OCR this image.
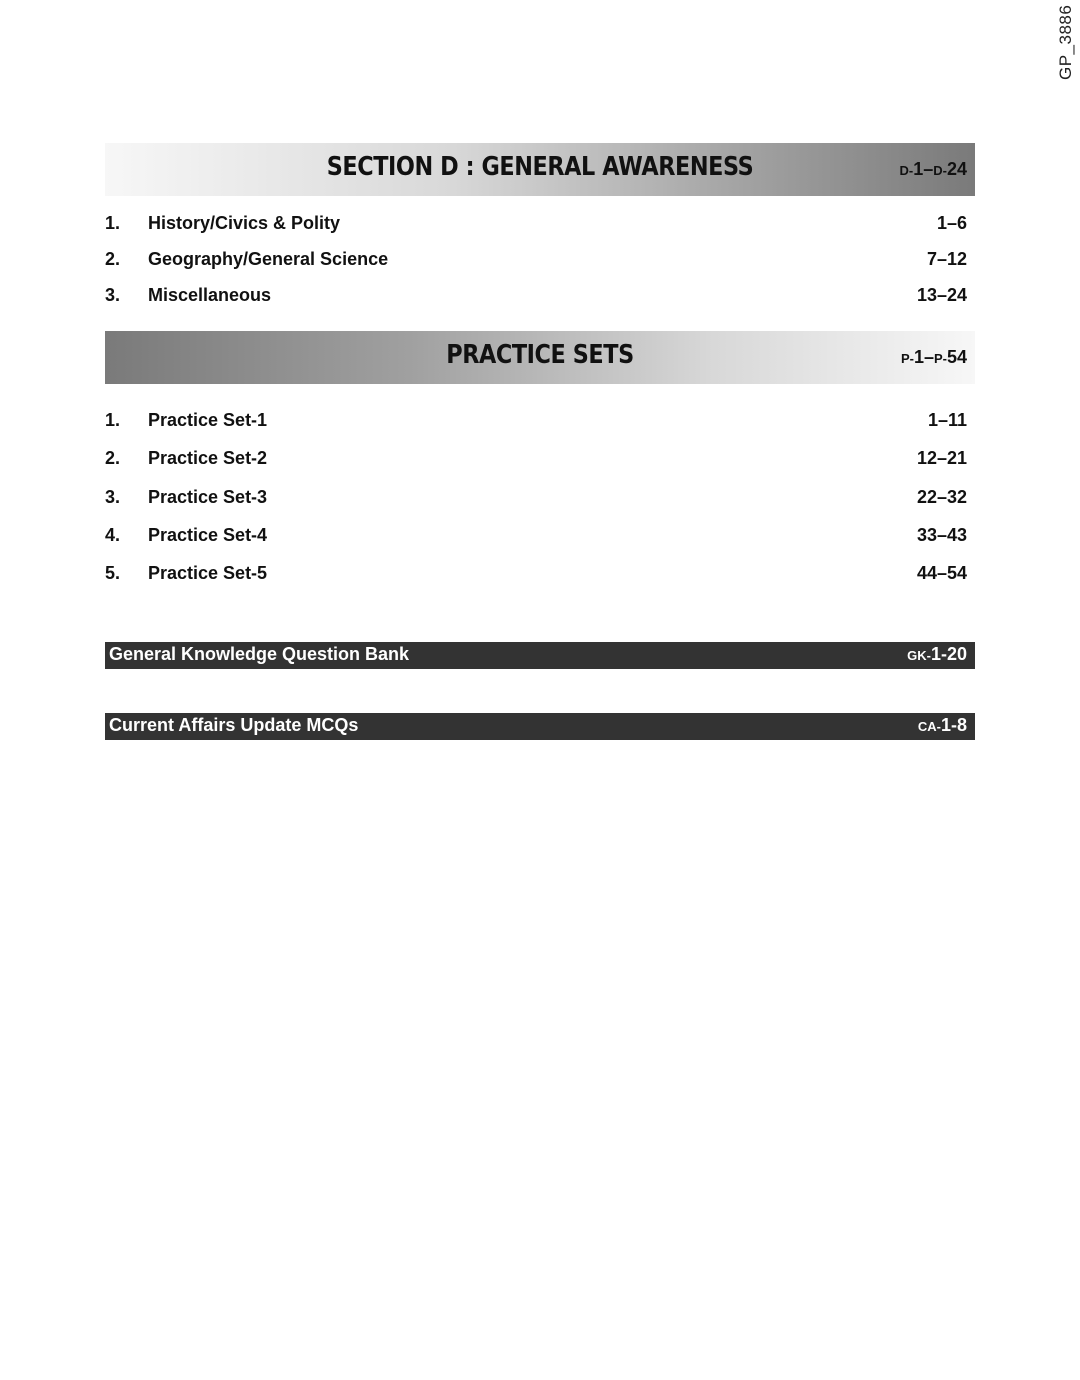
GP_3886
SECTION D : GENERAL AWARENESS	D-1–D-24
1. History/Civics & Polity	1–6
2. Geography/General Science	7–12
3. Miscellaneous	13–24
PRACTICE SETS	P-1–P-54
1. Practice Set-1	1–11
2. Practice Set-2	12–21
3. Practice Set-3	22–32
4. Practice Set-4	33–43
5. Practice Set-5	44–54
General Knowledge Question Bank	GK-1-20
Current Affairs Update MCQs	CA-1-8
